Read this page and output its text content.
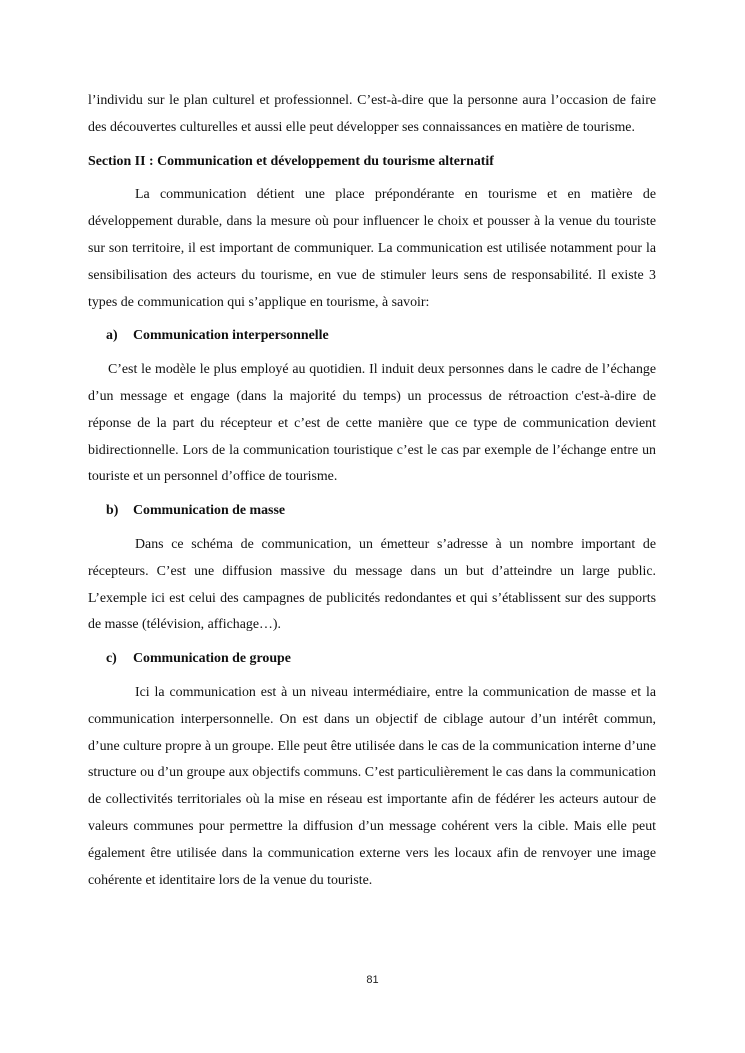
l’individu sur le plan culturel et professionnel. C’est-à-dire que la personne aura l’occasion de faire des découvertes culturelles et aussi elle peut développer ses connaissances en matière de tourisme.

Section II : Communication et développement du tourisme alternatif

La communication détient une place prépondérante en tourisme et en matière de développement durable, dans la mesure où pour influencer le choix et pousser à la venue du touriste sur son territoire, il est important de communiquer. La communication est utilisée notamment pour la sensibilisation des acteurs du tourisme, en vue de stimuler leurs sens de responsabilité. Il existe 3 types de communication qui s’applique en tourisme, à savoir:

a) Communication interpersonnelle

C’est le modèle le plus employé au quotidien. Il induit deux personnes dans le cadre de l’échange d’un message et engage (dans la majorité du temps) un processus de rétroaction c'est-à-dire de réponse de la part du récepteur et c’est de cette manière que ce type de communication devient bidirectionnelle. Lors de la communication touristique c’est le cas par exemple de l’échange entre un touriste et un personnel d’office de tourisme.

b) Communication de masse

Dans ce schéma de communication, un émetteur s’adresse à un nombre important de récepteurs. C’est une diffusion massive du message dans un but d’atteindre un large public. L’exemple ici est celui des campagnes de publicités redondantes et qui s’établissent sur des supports de masse (télévision, affichage…).

c) Communication de groupe

Ici la communication est à un niveau intermédiaire, entre la communication de masse et la communication interpersonnelle. On est dans un objectif de ciblage autour d’un intérêt commun, d’une culture propre à un groupe. Elle peut être utilisée dans le cas de la communication interne d’une structure ou d’un groupe aux objectifs communs. C’est particulièrement le cas dans la communication de collectivités territoriales où la mise en réseau est importante afin de fédérer les acteurs autour de valeurs communes pour permettre la diffusion d’un message cohérent vers la cible. Mais elle peut également être utilisée dans la communication externe vers les locaux afin de renvoyer une image cohérente et identitaire lors de la venue du touriste.

81
